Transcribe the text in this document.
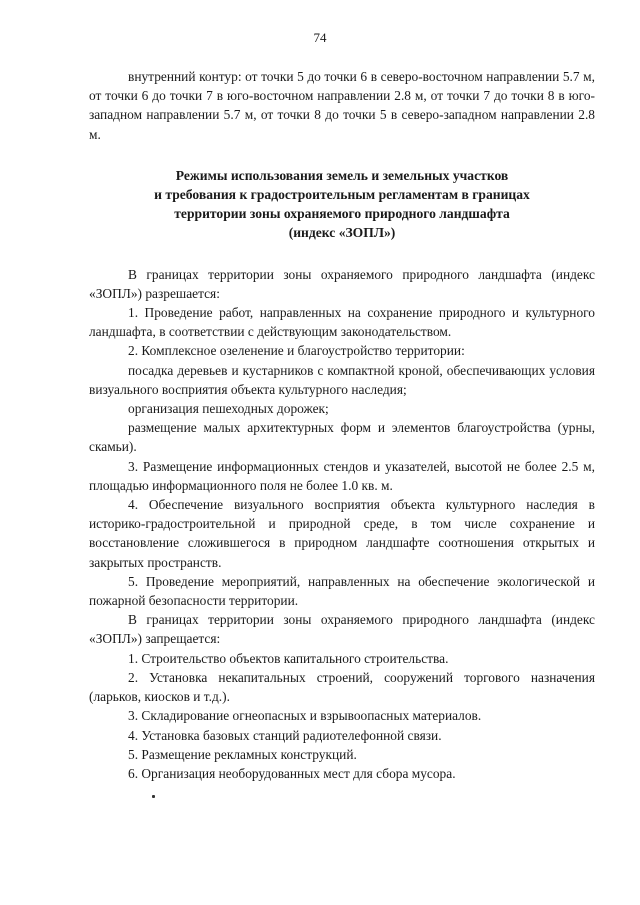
74

внутренний контур: от точки 5 до точки 6 в северо-восточном направлении 5.7 м, от точки 6 до точки 7 в юго-восточном направлении 2.8 м, от точки 7 до точки 8 в юго-западном направлении 5.7 м, от точки 8 до точки 5 в северо-западном направлении 2.8 м.

Режимы использования земель и земельных участков
и требования к градостроительным регламентам в границах
территории зоны охраняемого природного ландшафта
(индекс «ЗОПЛ»)

В границах территории зоны охраняемого природного ландшафта (индекс «ЗОПЛ») разрешается:

1. Проведение работ, направленных на сохранение природного и культурного ландшафта, в соответствии с действующим законодательством.

2. Комплексное озеленение и благоустройство территории:

посадка деревьев и кустарников с компактной кроной, обеспечивающих условия визуального восприятия объекта культурного наследия;

организация пешеходных дорожек;

размещение малых архитектурных форм и элементов благоустройства (урны, скамьи).

3. Размещение информационных стендов и указателей, высотой не более 2.5 м, площадью информационного поля не более 1.0 кв. м.

4. Обеспечение визуального восприятия объекта культурного наследия в историко-градостроительной и природной среде, в том числе сохранение и восстановление сложившегося в природном ландшафте соотношения открытых и закрытых пространств.

5. Проведение мероприятий, направленных на обеспечение экологической и пожарной безопасности территории.

В границах территории зоны охраняемого природного ландшафта (индекс «ЗОПЛ») запрещается:

1. Строительство объектов капитального строительства.

2. Установка некапитальных строений, сооружений торгового назначения (ларьков, киосков и т.д.).

3. Складирование огнеопасных и взрывоопасных материалов.

4. Установка базовых станций радиотелефонной связи.

5. Размещение рекламных конструкций.

6. Организация необорудованных мест для сбора мусора.
